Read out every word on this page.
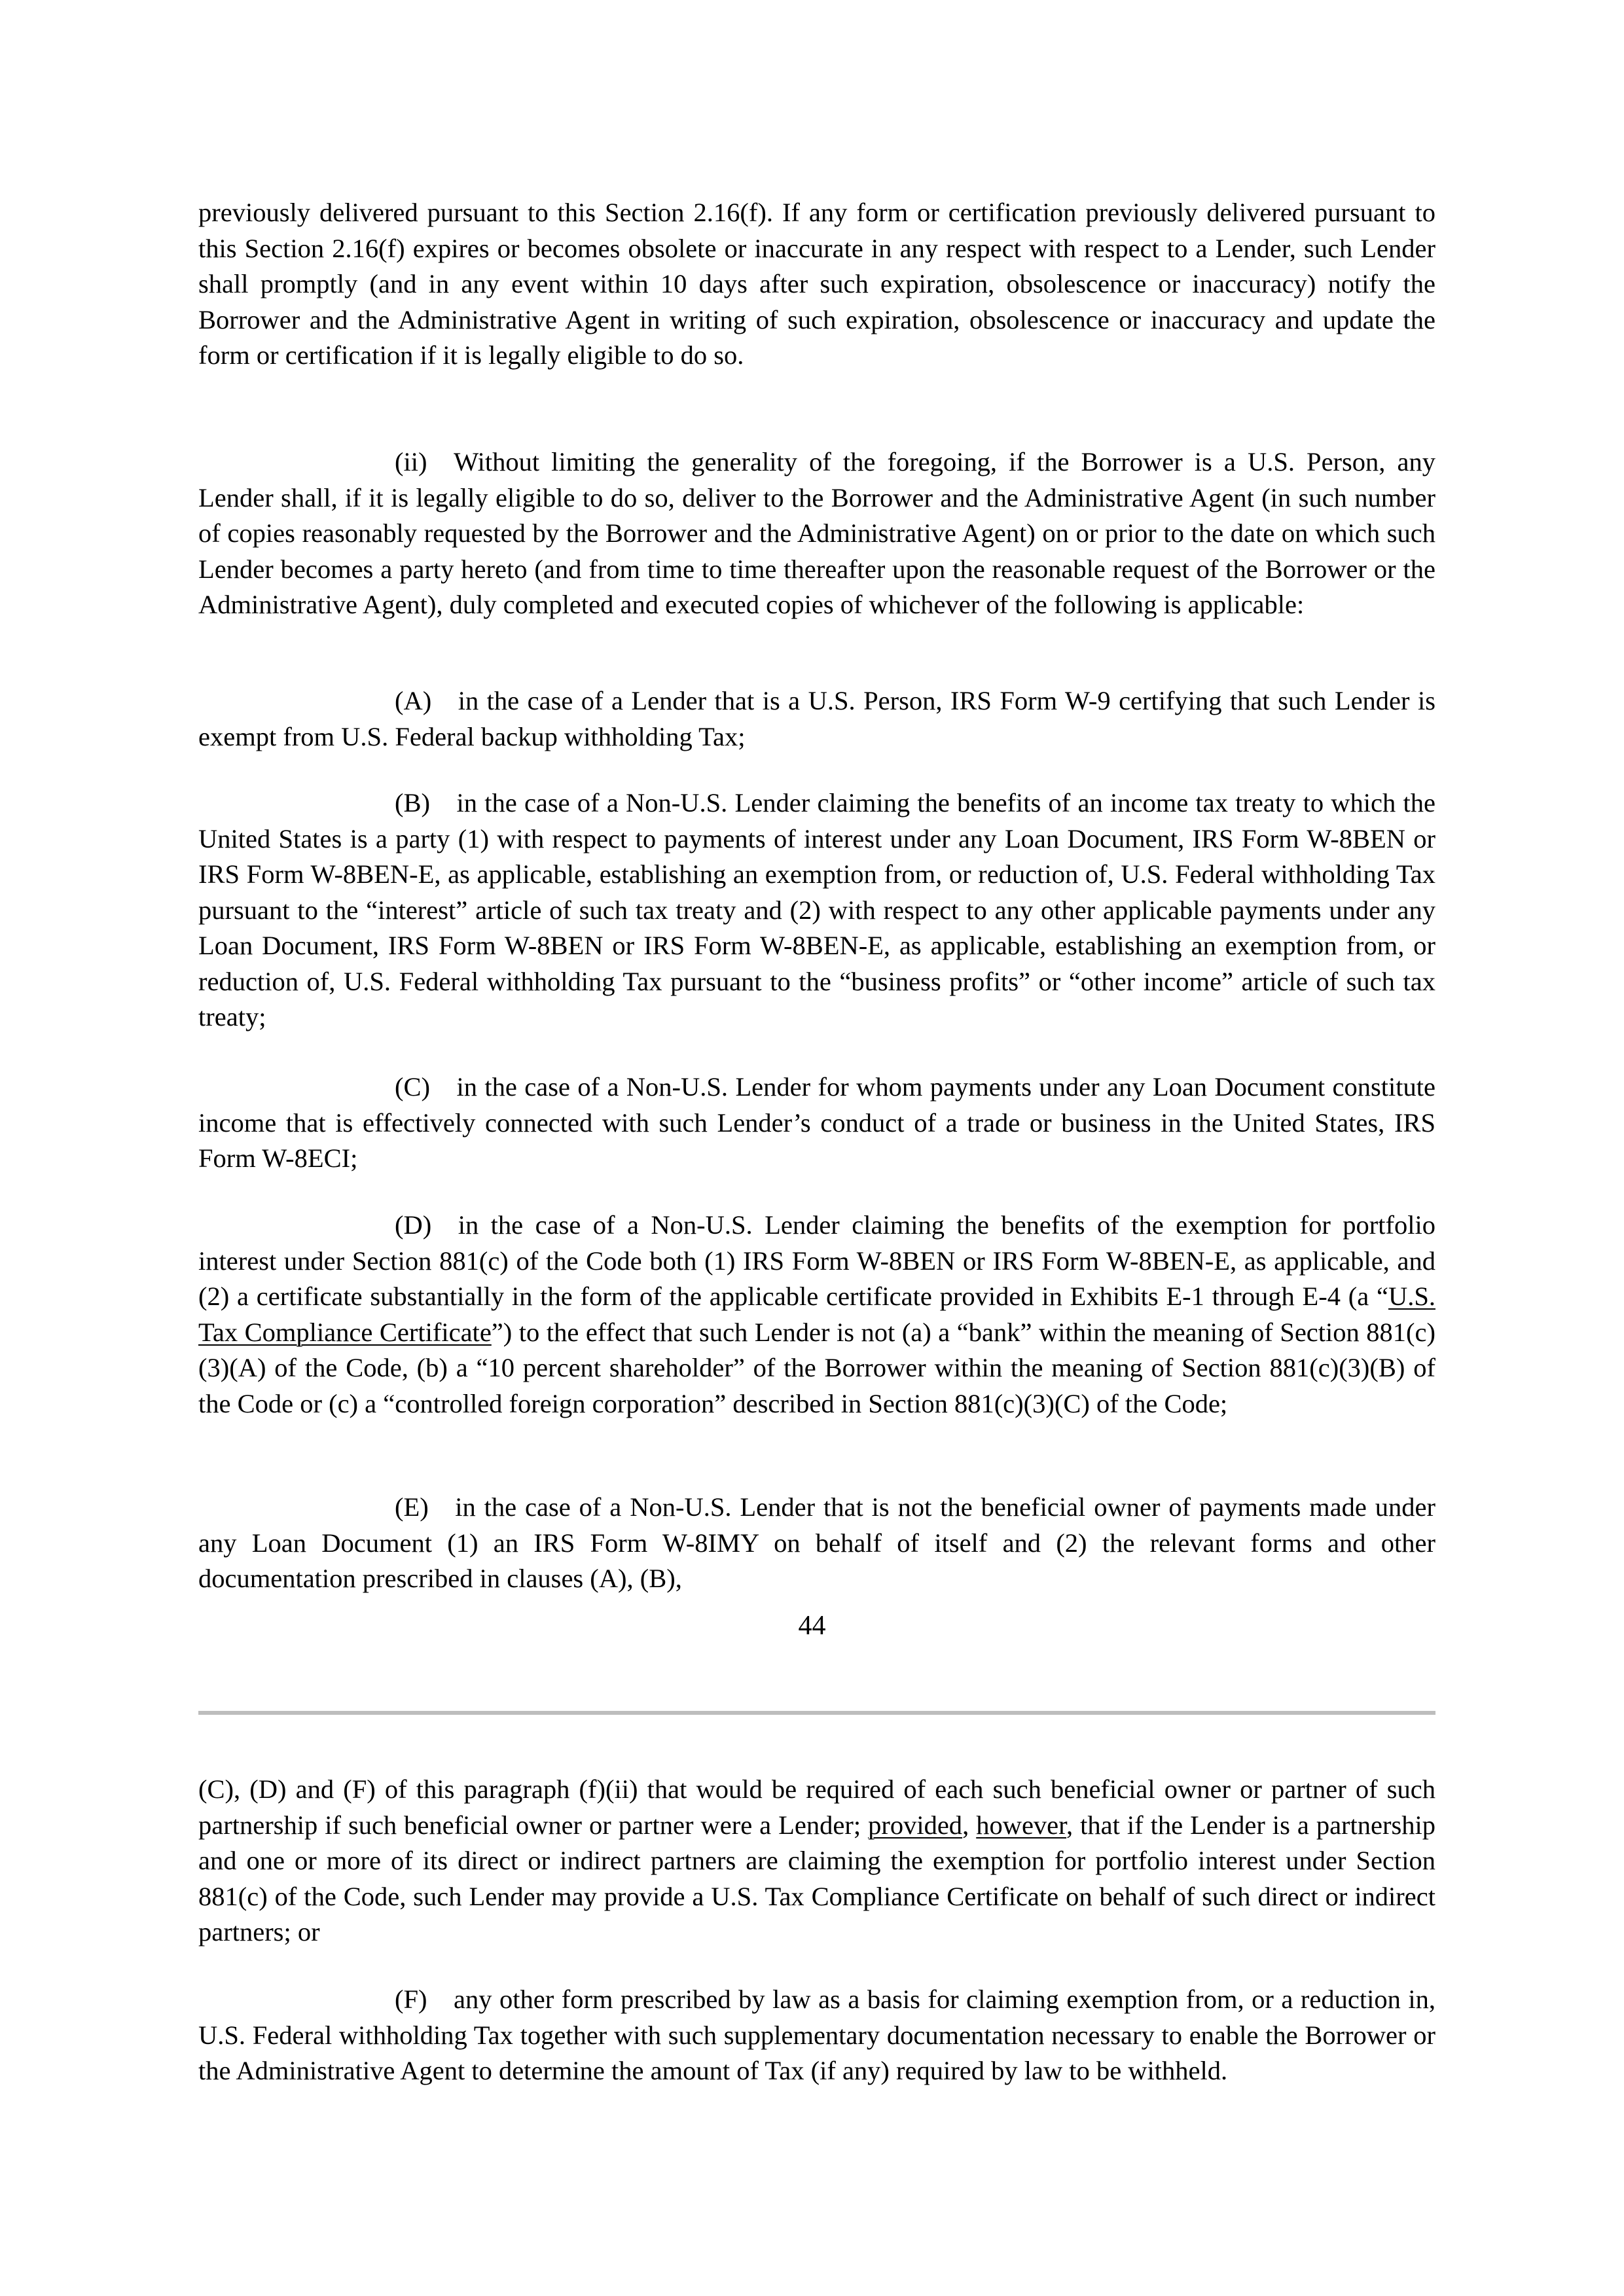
previously delivered pursuant to this Section 2.16(f). If any form or certification previously delivered pursuant to this Section 2.16(f) expires or becomes obsolete or inaccurate in any respect with respect to a Lender, such Lender shall promptly (and in any event within 10 days after such expiration, obsolescence or inaccuracy) notify the Borrower and the Administrative Agent in writing of such expiration, obsolescence or inaccuracy and update the form or certification if it is legally eligible to do so.

(ii) Without limiting the generality of the foregoing, if the Borrower is a U.S. Person, any Lender shall, if it is legally eligible to do so, deliver to the Borrower and the Administrative Agent (in such number of copies reasonably requested by the Borrower and the Administrative Agent) on or prior to the date on which such Lender becomes a party hereto (and from time to time thereafter upon the reasonable request of the Borrower or the Administrative Agent), duly completed and executed copies of whichever of the following is applicable:

(A) in the case of a Lender that is a U.S. Person, IRS Form W-9 certifying that such Lender is exempt from U.S. Federal backup withholding Tax;

(B) in the case of a Non-U.S. Lender claiming the benefits of an income tax treaty to which the United States is a party (1) with respect to payments of interest under any Loan Document, IRS Form W-8BEN or IRS Form W-8BEN-E, as applicable, establishing an exemption from, or reduction of, U.S. Federal withholding Tax pursuant to the “interest” article of such tax treaty and (2) with respect to any other applicable payments under any Loan Document, IRS Form W-8BEN or IRS Form W-8BEN-E, as applicable, establishing an exemption from, or reduction of, U.S. Federal withholding Tax pursuant to the “business profits” or “other income” article of such tax treaty;

(C) in the case of a Non-U.S. Lender for whom payments under any Loan Document constitute income that is effectively connected with such Lender’s conduct of a trade or business in the United States, IRS Form W-8ECI;

(D) in the case of a Non-U.S. Lender claiming the benefits of the exemption for portfolio interest under Section 881(c) of the Code both (1) IRS Form W-8BEN or IRS Form W-8BEN-E, as applicable, and (2) a certificate substantially in the form of the applicable certificate provided in Exhibits E-1 through E-4 (a “U.S. Tax Compliance Certificate”) to the effect that such Lender is not (a) a “bank” within the meaning of Section 881(c)(3)(A) of the Code, (b) a “10 percent shareholder” of the Borrower within the meaning of Section 881(c)(3)(B) of the Code or (c) a “controlled foreign corporation” described in Section 881(c)(3)(C) of the Code;

(E) in the case of a Non-U.S. Lender that is not the beneficial owner of payments made under any Loan Document (1) an IRS Form W-8IMY on behalf of itself and (2) the relevant forms and other documentation prescribed in clauses (A), (B),

44

(C), (D) and (F) of this paragraph (f)(ii) that would be required of each such beneficial owner or partner of such partnership if such beneficial owner or partner were a Lender; provided, however, that if the Lender is a partnership and one or more of its direct or indirect partners are claiming the exemption for portfolio interest under Section 881(c) of the Code, such Lender may provide a U.S. Tax Compliance Certificate on behalf of such direct or indirect partners; or

(F) any other form prescribed by law as a basis for claiming exemption from, or a reduction in, U.S. Federal withholding Tax together with such supplementary documentation necessary to enable the Borrower or the Administrative Agent to determine the amount of Tax (if any) required by law to be withheld.
